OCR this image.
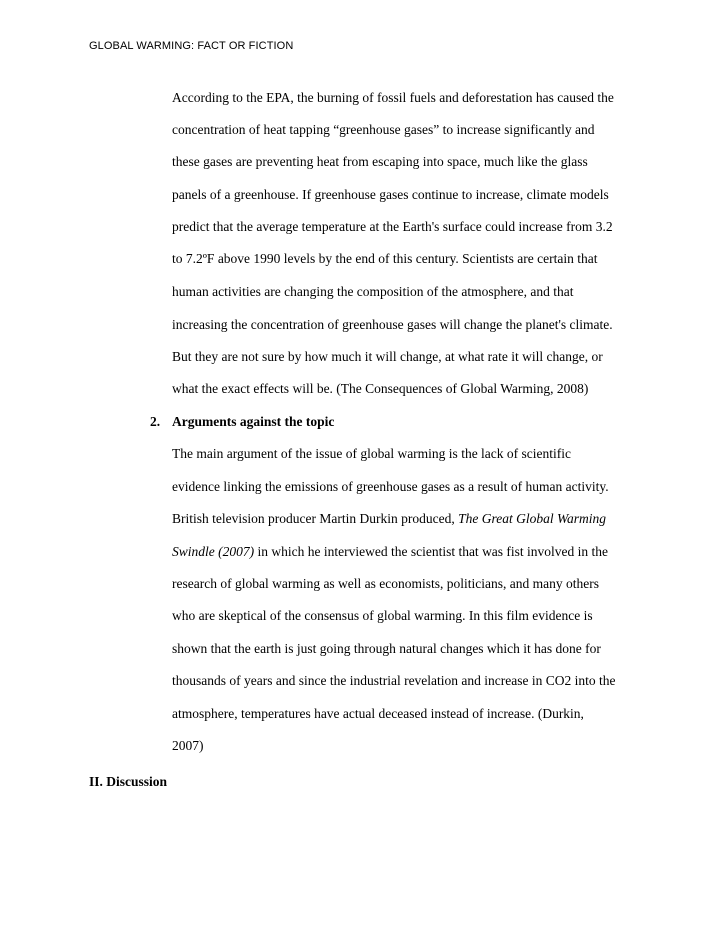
GLOBAL WARMING: FACT OR FICTION
According to the EPA, the burning of fossil fuels and deforestation has caused the
concentration of heat tapping “greenhouse gases” to increase significantly and
these gases are preventing heat from escaping into space, much like the glass
panels of a greenhouse. If greenhouse gases continue to increase, climate models
predict that the average temperature at the Earth's surface could increase from 3.2
to 7.2ºF above 1990 levels by the end of this century. Scientists are certain that
human activities are changing the composition of the atmosphere, and that
increasing the concentration of greenhouse gases will change the planet's climate.
But they are not sure by how much it will change, at what rate it will change, or
what the exact effects will be. (The Consequences of Global Warming, 2008)
2. Arguments against the topic
The main argument of the issue of global warming is the lack of scientific
evidence linking the emissions of greenhouse gases as a result of human activity.
British television producer Martin Durkin produced, The Great Global Warming
Swindle (2007) in which he interviewed the scientist that was fist involved in the
research of global warming as well as economists, politicians, and many others
who are skeptical of the consensus of global warming. In this film evidence is
shown that the earth is just going through natural changes which it has done for
thousands of years and since the industrial revelation and increase in CO2 into the
atmosphere, temperatures have actual deceased instead of increase. (Durkin,
2007)
II. Discussion
